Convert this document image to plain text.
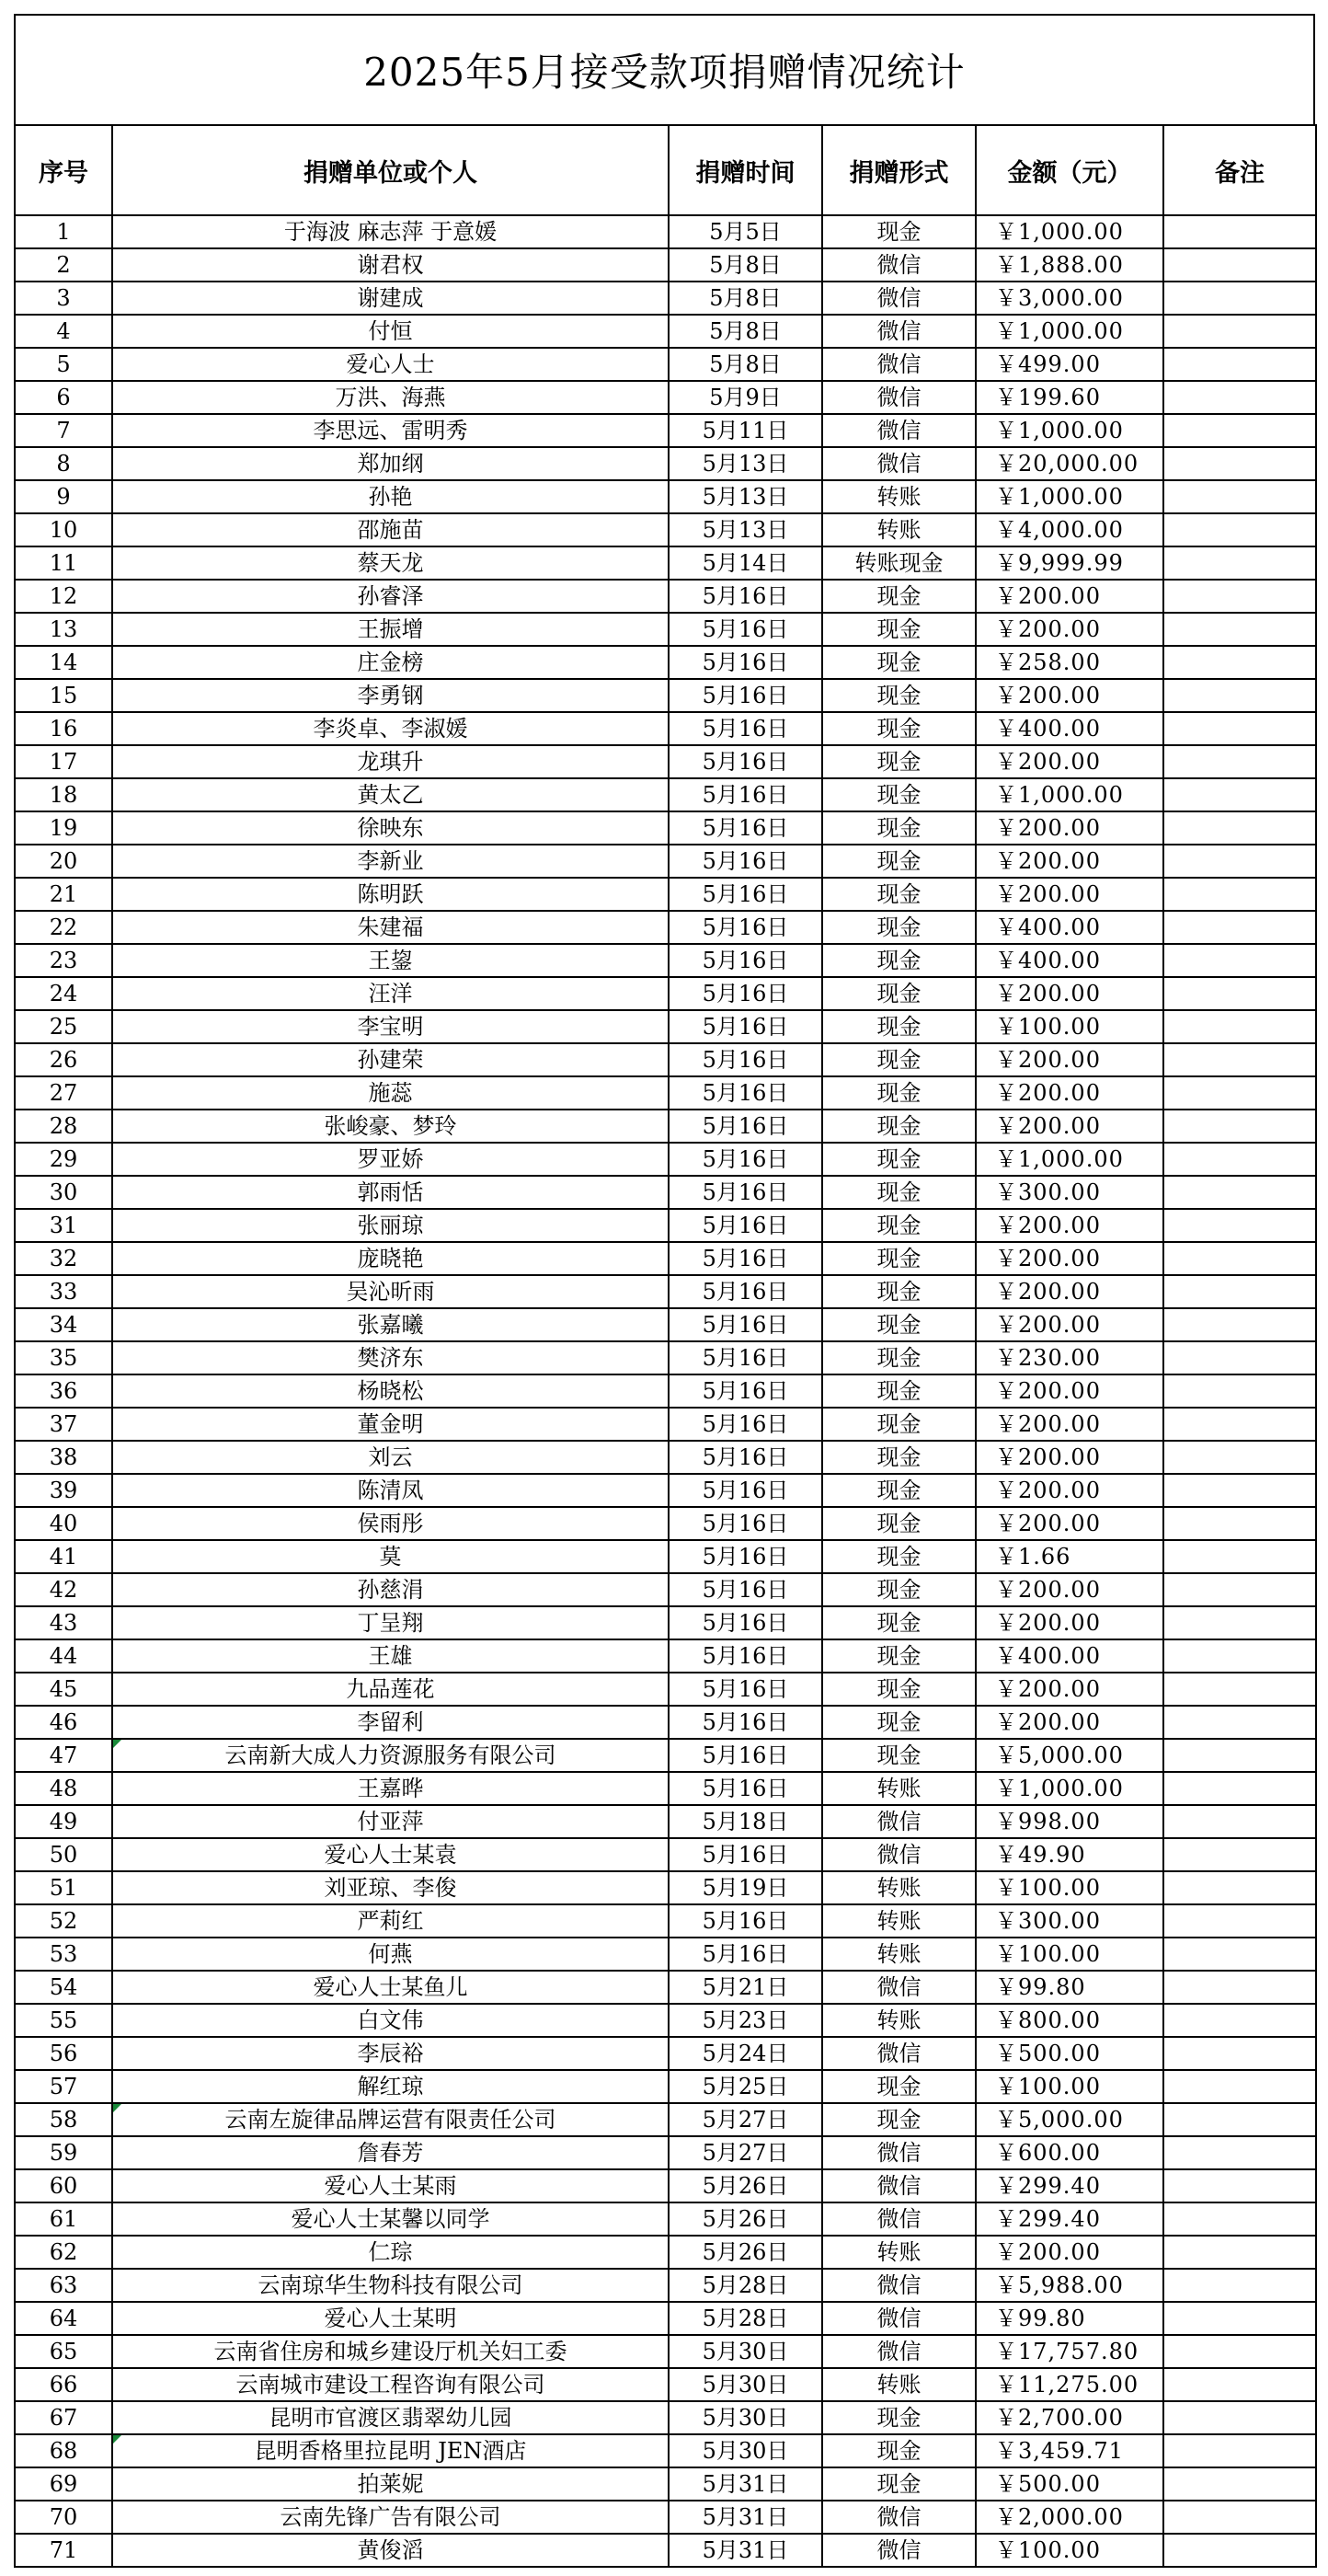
2025年5月接受款项捐赠情况统计
序号	捐赠单位或个人	捐赠时间	捐赠形式	金额（元）	备注
1	于海波 麻志萍 于意媛	5月5日	现金	￥1,000.00	
2	谢君权	5月8日	微信	￥1,888.00	
3	谢建成	5月8日	微信	￥3,000.00	
4	付恒	5月8日	微信	￥1,000.00	
5	爱心人士	5月8日	微信	￥499.00	
6	万洪、海燕	5月9日	微信	￥199.60	
7	李思远、雷明秀	5月11日	微信	￥1,000.00	
8	郑加纲	5月13日	微信	￥20,000.00	
9	孙艳	5月13日	转账	￥1,000.00	
10	邵施苗	5月13日	转账	￥4,000.00	
11	蔡天龙	5月14日	转账现金	￥9,999.99	
12	孙睿泽	5月16日	现金	￥200.00	
13	王振增	5月16日	现金	￥200.00	
14	庄金榜	5月16日	现金	￥258.00	
15	李勇钢	5月16日	现金	￥200.00	
16	李炎卓、李淑媛	5月16日	现金	￥400.00	
17	龙琪升	5月16日	现金	￥200.00	
18	黄太乙	5月16日	现金	￥1,000.00	
19	徐映东	5月16日	现金	￥200.00	
20	李新业	5月16日	现金	￥200.00	
21	陈明跃	5月16日	现金	￥200.00	
22	朱建福	5月16日	现金	￥400.00	
23	王鋆	5月16日	现金	￥400.00	
24	汪洋	5月16日	现金	￥200.00	
25	李宝明	5月16日	现金	￥100.00	
26	孙建荣	5月16日	现金	￥200.00	
27	施蕊	5月16日	现金	￥200.00	
28	张峻豪、梦玲	5月16日	现金	￥200.00	
29	罗亚娇	5月16日	现金	￥1,000.00	
30	郭雨恬	5月16日	现金	￥300.00	
31	张丽琼	5月16日	现金	￥200.00	
32	庞晓艳	5月16日	现金	￥200.00	
33	吴沁昕雨	5月16日	现金	￥200.00	
34	张嘉曦	5月16日	现金	￥200.00	
35	樊济东	5月16日	现金	￥230.00	
36	杨晓松	5月16日	现金	￥200.00	
37	董金明	5月16日	现金	￥200.00	
38	刘云	5月16日	现金	￥200.00	
39	陈清凤	5月16日	现金	￥200.00	
40	侯雨彤	5月16日	现金	￥200.00	
41	莫	5月16日	现金	￥1.66	
42	孙慈涓	5月16日	现金	￥200.00	
43	丁呈翔	5月16日	现金	￥200.00	
44	王雄	5月16日	现金	￥400.00	
45	九品莲花	5月16日	现金	￥200.00	
46	李留利	5月16日	现金	￥200.00	
47	云南新大成人力资源服务有限公司	5月16日	现金	￥5,000.00	
48	王嘉晔	5月16日	转账	￥1,000.00	
49	付亚萍	5月18日	微信	￥998.00	
50	爱心人士某袁	5月16日	微信	￥49.90	
51	刘亚琼、李俊	5月19日	转账	￥100.00	
52	严莉红	5月16日	转账	￥300.00	
53	何燕	5月16日	转账	￥100.00	
54	爱心人士某鱼儿	5月21日	微信	￥99.80	
55	白文伟	5月23日	转账	￥800.00	
56	李辰裕	5月24日	微信	￥500.00	
57	解红琼	5月25日	现金	￥100.00	
58	云南左旋律品牌运营有限责任公司	5月27日	现金	￥5,000.00	
59	詹春芳	5月27日	微信	￥600.00	
60	爱心人士某雨	5月26日	微信	￥299.40	
61	爱心人士某馨以同学	5月26日	微信	￥299.40	
62	仁琮	5月26日	转账	￥200.00	
63	云南琼华生物科技有限公司	5月28日	微信	￥5,988.00	
64	爱心人士某明	5月28日	微信	￥99.80	
65	云南省住房和城乡建设厅机关妇工委	5月30日	微信	￥17,757.80	
66	云南城市建设工程咨询有限公司	5月30日	转账	￥11,275.00	
67	昆明市官渡区翡翠幼儿园	5月30日	现金	￥2,700.00	
68	昆明香格里拉昆明 JEN酒店	5月30日	现金	￥3,459.71	
69	拍莱妮	5月31日	现金	￥500.00	
70	云南先锋广告有限公司	5月31日	微信	￥2,000.00	
71	黄俊滔	5月31日	微信	￥100.00	
